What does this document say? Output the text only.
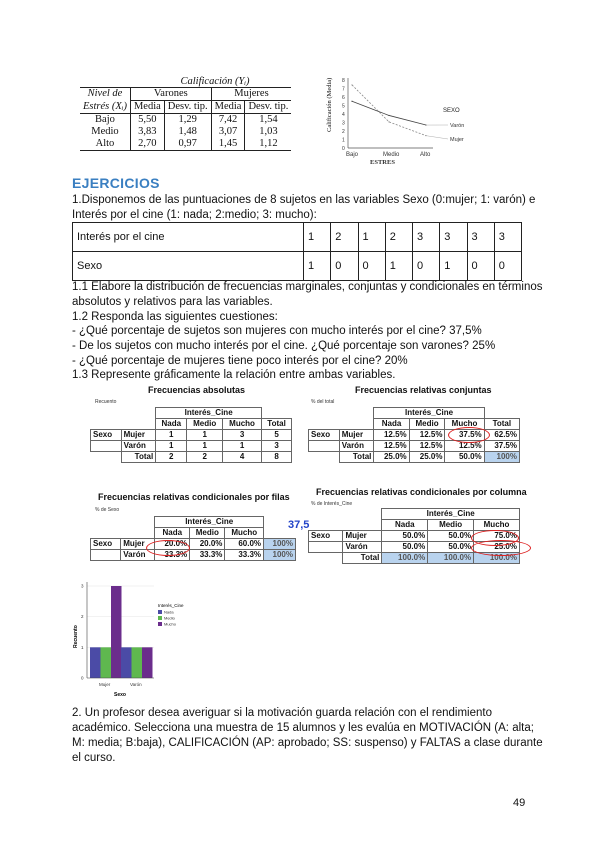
Calificación (Yᵢ)
Nivel de	Varones		Mujeres	
Estrés (Xᵢ)	Media	Desv. tip.	Media	Desv. tip.
Bajo	5,50	1,29	7,42	1,54
Medio	3,83	1,48	3,07	1,03
Alto	2,70	0,97	1,45	1,12
Calificación (Media)
0
1
2
3
4
5
6
7
8
Bajo	Medio	Alto
SEXO
Varón
Mujer
ESTRES
EJERCICIOS
1.Disponemos de las puntuaciones de 8 sujetos en las variables Sexo (0:mujer; 1: varón) e
Interés por el cine (1: nada; 2:medio; 3: mucho):
Interés por el cine	1	2	1	2	3	3	3	3
Sexo	1	0	0	1	0	1	0	0
1.1 Elabore la distribución de frecuencias marginales, conjuntas y condicionales en términos
absolutos y relativos para las variables.
1.2 Responda las siguientes cuestiones:
- ¿Qué porcentaje de sujetos son mujeres con mucho interés por el cine? 37,5%
- De los sujetos con mucho interés por el cine. ¿Qué porcentaje son varones? 25%
- ¿Qué porcentaje de mujeres tiene poco interés por el cine? 20%
1.3 Represente gráficamente la relación entre ambas variables.
Frecuencias absolutas
Recuento
		Interés_Cine			
		Nada	Medio	Mucho	Total
Sexo	Mujer	1	1	3	5
	Varón	1	1	1	3
	Total	2	2	4	8
Frecuencias relativas conjuntas
% del total
		Interés_Cine			
		Nada	Medio	Mucho	Total
Sexo	Mujer	12.5%	12.5%	37.5%	62.5%
	Varón	12.5%	12.5%	12.5%	37.5%
	Total	25.0%	25.0%	50.0%	100%
Frecuencias relativas condicionales por filas
% de Sexo
		Interés_Cine			
		Nada	Medio	Mucho	
Sexo	Mujer	20.0%	20.0%	60.0%	100%
	Varón	33.3%	33.3%	33.3%	100%
37,5
Frecuencias relativas condicionales por columna
% de Interés_Cine
		Interés_Cine		
		Nada	Medio	Mucho
Sexo	Mujer	50.0%	50.0%	75.0%
	Varón	50.0%	50.0%	25.0%
	Total	100.0%	100.0%	100.0%
Recuento
0
1
2
3
Mujer	Varón
Sexo
Interés_Cine
Nada
Medio
Mucho
2. Un profesor desea averiguar si la motivación guarda relación con el rendimiento
académico. Selecciona una muestra de 15 alumnos y les evalúa en MOTIVACIÓN (A: alta;
M: media; B:baja), CALIFICACIÓN (AP: aprobado; SS: suspenso) y FALTAS a clase durante
el curso.
49
